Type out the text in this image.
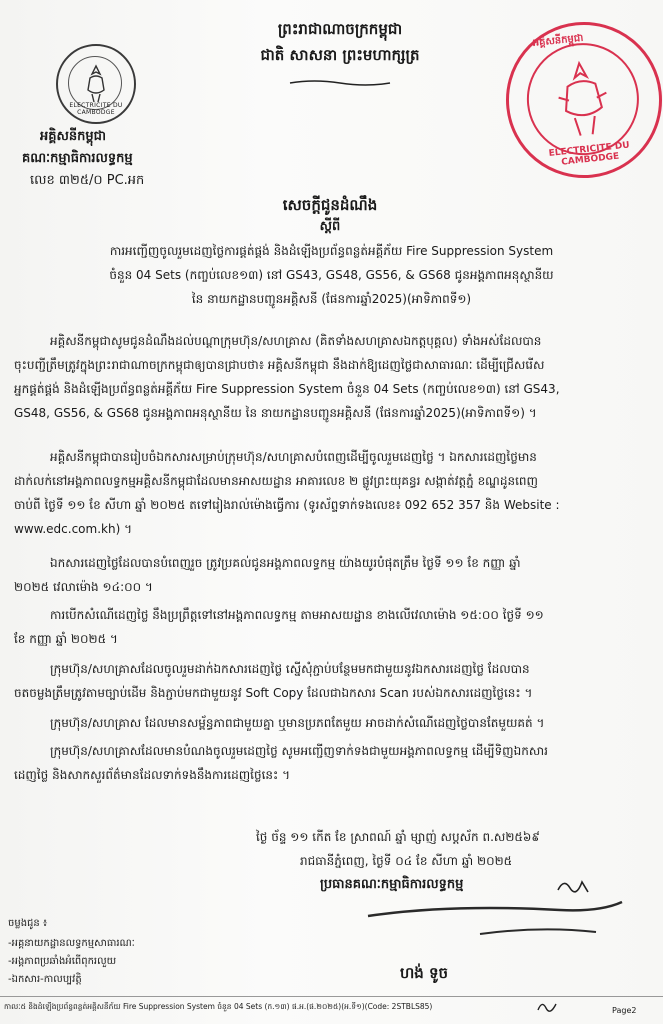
ព្រះរាជាណាចក្រកម្ពុជា
ជាតិ សាសនា ព្រះមហាក្សត្រ
ELECTRICITE DU CAMBODGE
អគ្គិសនីកម្ពុជា
គណៈកម្មាធិការលទ្ធកម្ម
លេខ ៣២៥/០ PC.អក
អគ្គិសនីកម្ពុជា
ELECTRICITE DU CAMBODGE
សេចក្តីជូនដំណឹង
ស្តីពី
ការអញ្ជើញចូលរួមដេញថ្លៃការផ្គត់ផ្គង់ និងដំឡើងប្រព័ន្ធពន្លត់អគ្គីភ័យ Fire Suppression System
ចំនួន 04 Sets (កញ្ចប់លេខ១៣) នៅ GS43, GS48, GS56, & GS68 ជូនអង្គភាពអនុស្ថានីយ
នៃ នាយកដ្ឋានបញ្ជូនអគ្គិសនី (ផែនការឆ្នាំ2025)(អាទិភាពទី១)
អគ្គិសនីកម្ពុជាសូមជូនដំណឹងដល់បណ្តាក្រុមហ៊ុន/សហគ្រាស (គិតទាំងសហគ្រាសឯកត្តបុគ្គល) ទាំងអស់ដែលបាន
ចុះបញ្ជីត្រឹមត្រូវក្នុងព្រះរាជាណាចក្រកម្ពុជាឲ្យបានជ្រាបថា៖ អគ្គិសនីកម្ពុជា នឹងដាក់ឱ្យដេញថ្លៃជាសាធារណៈ ដើម្បីជ្រើសរើស
អ្នកផ្គត់ផ្គង់ និងដំឡើងប្រព័ន្ធពន្លត់អគ្គីភ័យ Fire Suppression System ចំនួន 04 Sets (កញ្ចប់លេខ១៣) នៅ GS43,
GS48, GS56, & GS68 ជូនអង្គភាពអនុស្ថានីយ នៃ នាយកដ្ឋានបញ្ជូនអគ្គិសនី (ផែនការឆ្នាំ2025)(អាទិភាពទី១) ។
អគ្គិសនីកម្ពុជាបានរៀបចំឯកសារសម្រាប់ក្រុមហ៊ុន/សហគ្រាសបំពេញដើម្បីចូលរួមដេញថ្លៃ ។ ឯកសារដេញថ្លៃមាន
ដាក់លក់នៅអង្គភាពលទ្ធកម្មអគ្គិសនីកម្ពុជាដែលមានអាសយដ្ឋាន អាគារលេខ ២ ផ្លូវព្រះយុគន្ធរ សង្កាត់វត្តភ្នំ ខណ្ឌដូនពេញ
ចាប់ពី ថ្ងៃទី ១១ ខែ សីហា ឆ្នាំ ២០២៥ តទៅរៀងរាល់ម៉ោងធ្វើការ (ទូរស័ព្ទទាក់ទងលេខ៖ 092 652 357 និង Website :
www.edc.com.kh) ។
ឯកសារដេញថ្លៃដែលបានបំពេញរួច ត្រូវប្រគល់ជូនអង្គភាពលទ្ធកម្ម យ៉ាងយូរបំផុតត្រឹម ថ្ងៃទី ១១ ខែ កញ្ញា ឆ្នាំ
២០២៥ វេលាម៉ោង ១៤:០០ ។
ការបើកសំណើដេញថ្លៃ នឹងប្រព្រឹត្តទៅនៅអង្គភាពលទ្ធកម្ម តាមអាសយដ្ឋាន ខាងលើវេលាម៉ោង ១៥:០០ ថ្ងៃទី ១១
ខែ កញ្ញា ឆ្នាំ ២០២៥ ។
ក្រុមហ៊ុន/សហគ្រាសដែលចូលរួមដាក់ឯកសារដេញថ្លៃ ស្នើសុំភ្ជាប់បន្ថែមមកជាមួយនូវឯកសារដេញថ្លៃ ដែលបាន
ចតចម្លងត្រឹមត្រូវតាមច្បាប់ដើម និងភ្ជាប់មកជាមួយនូវ Soft Copy ដែលជាឯកសារ Scan របស់ឯកសារដេញថ្លៃនេះ ។
ក្រុមហ៊ុន/សហគ្រាស ដែលមានសម្ព័ន្ធភាពជាមួយគ្នា ឬមានប្រភពតែមួយ អាចដាក់សំណើដេញថ្លៃបានតែមួយគត់ ។
ក្រុមហ៊ុន/សហគ្រាសដែលមានបំណងចូលរួមដេញថ្លៃ សូមអញ្ជើញទាក់ទងជាមួយអង្គភាពលទ្ធកម្ម ដើម្បីទិញឯកសារ
ដេញថ្លៃ និងសាកសួរព័ត៌មានដែលទាក់ទងនឹងការដេញថ្លៃនេះ ។
ថ្ងៃ ច័ន្ទ ១១ កើត ខែ ស្រាពណ៍ ឆ្នាំ ម្សាញ់ សប្តស័ក ព.ស២៥៦៩
រាជធានីភ្នំពេញ, ថ្ងៃទី ០៤ ខែ សីហា ឆ្នាំ ២០២៥
ប្រធានគណៈកម្មាធិការលទ្ធកម្ម
ចម្លងជូន ៖
-អគ្គនាយកដ្ឋានលទ្ធកម្មសាធារណៈ
-អង្គភាពប្រឆាំងអំពើពុករលួយ
-ឯកសារ-កាលប្បវត្តិ	ហង់ ទូច
កាលៈ៥ និងដំឡើងប្រព័ន្ធពន្លត់អគ្គិសនីភ័យ Fire Suppression System ចំនួន 04 Sets (ក.១៣) ផ.អ.(ផ.២០២៥)(អ.ទី១)(Code: 2STBLS85)	Page2
